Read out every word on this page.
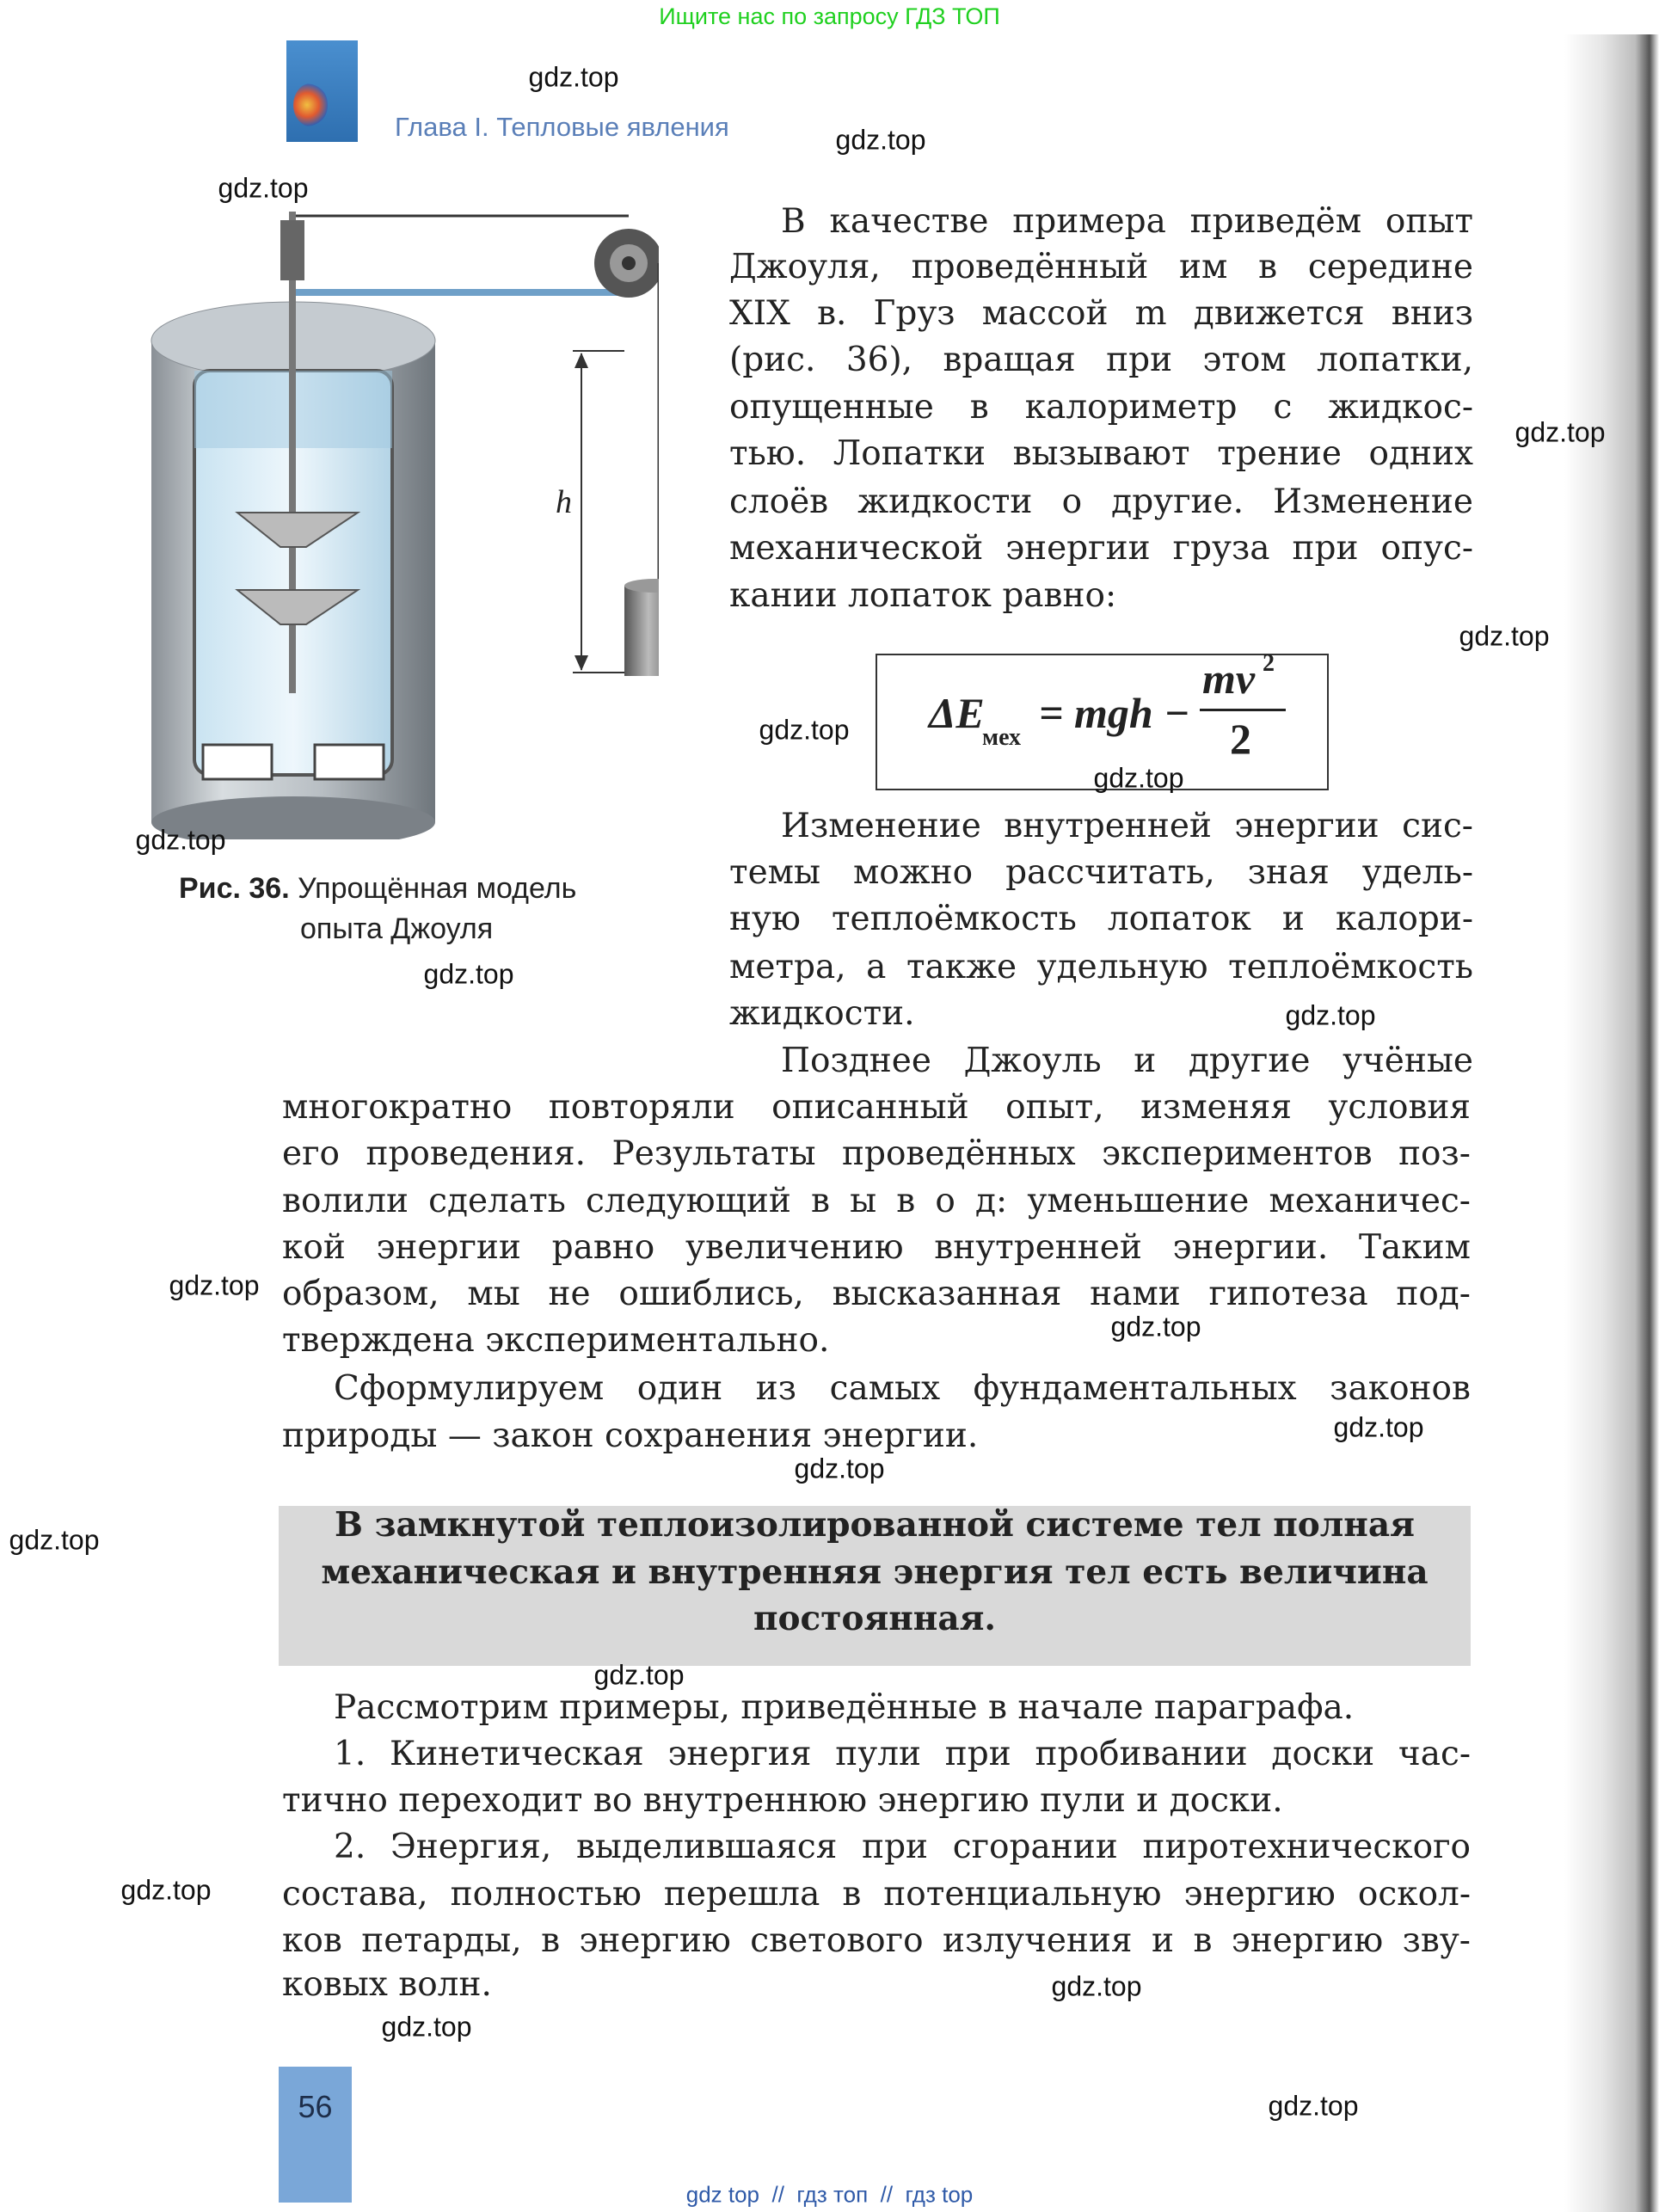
Ищите нас по запросу ГДЗ ТОП
Глава I. Тепловые явления
h
Рис. 36. Упрощённая модель
опыта Джоуля
В качестве примера приведём опыт
Джоуля, проведённый им в середине
XIX в. Груз массой m движется вниз
(рис. 36), вращая при этом лопатки,
опущенные в калориметр с жидкос-
тью. Лопатки вызывают трение одних
слоёв жидкости о другие. Изменение
механической энергии груза при опус-
кании лопаток равно:
ΔE
мех
= mgh −
mv 2
2
Изменение внутренней энергии сис-
темы можно рассчитать, зная удель-
ную теплоёмкость лопаток и калори-
метра, а также удельную теплоёмкость
жидкости.
Позднее Джоуль и другие учёные
многократно повторяли описанный опыт, изменяя условия
его проведения. Результаты проведённых экспериментов поз-
волили сделать следующий в ы в о д: уменьшение механичес-
кой энергии равно увеличению внутренней энергии. Таким
образом, мы не ошиблись, высказанная нами гипотеза под-
тверждена экспериментально.
Сформулируем один из самых фундаментальных законов
природы — закон сохранения энергии.
В замкнутой теплоизолированной системе тел полная
механическая и внутренняя энергия тел есть величина
постоянная.
Рассмотрим примеры, приведённые в начале параграфа.
1. Кинетическая энергия пули при пробивании доски час-
тично переходит во внутреннюю энергию пули и доски.
2. Энергия, выделившаяся при сгорании пиротехнического
состава, полностью перешла в потенциальную энергию оскол-
ков петарды, в энергию светового излучения и в энергию зву-
ковых волн.
56
gdz.top
gdz.top
gdz.top
gdz.top
gdz.top
gdz.top
gdz.top
gdz.top
gdz.top
gdz.top
gdz.top
gdz.top
gdz.top
gdz.top
gdz.top
gdz.top
gdz.top
gdz.top
gdz.top
gdz.top
gdz top  //  гдз топ  //  гдз top
